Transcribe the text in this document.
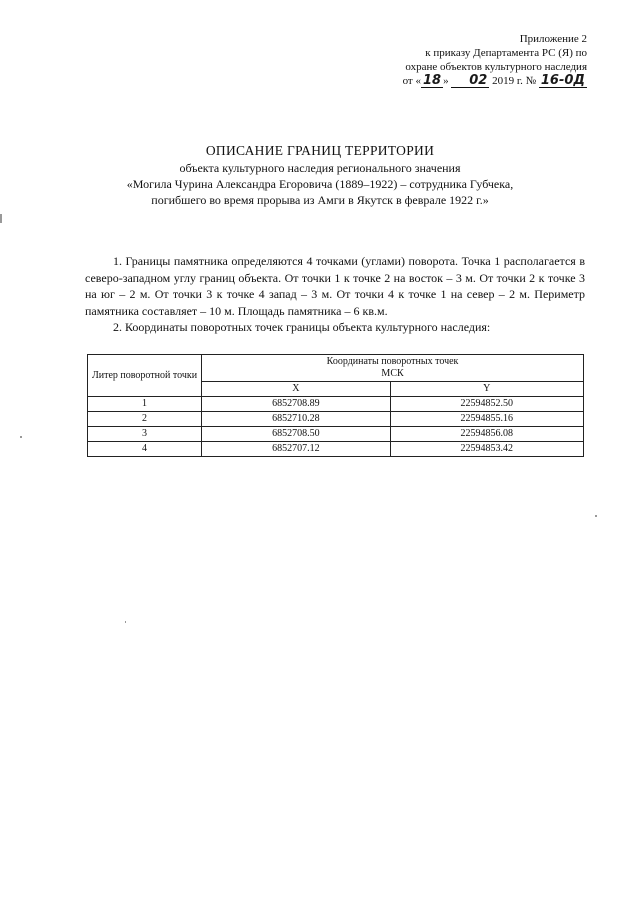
Приложение 2
к приказу Департамента РС (Я) по
охране объектов культурного наследия
от « 18 » 02 2019 г. № 16-0Д
ОПИСАНИЕ ГРАНИЦ ТЕРРИТОРИИ
объекта культурного наследия регионального значения
«Могила Чурина Александра Егоровича (1889–1922) – сотрудника Губчека,
погибшего во время прорыва из Амги в Якутск в феврале 1922 г.»

1. Границы памятника определяются 4 точками (углами) поворота. Точка 1 располагается в северо-западном углу границ объекта. От точки 1 к точке 2 на восток – 3 м. От точки 2 к точке 3 на юг – 2 м. От точки 3 к точке 4 запад – 3 м. От точки 4 к точке 1 на север – 2 м. Периметр памятника составляет – 10 м. Площадь памятника – 6 кв.м.

2. Координаты поворотных точек границы объекта культурного наследия:

Литер поворотной точки	Координаты поворотных точек
МСК	
	X	Y
1	6852708.89	22594852.50
2	6852710.28	22594855.16
3	6852708.50	22594856.08
4	6852707.12	22594853.42
